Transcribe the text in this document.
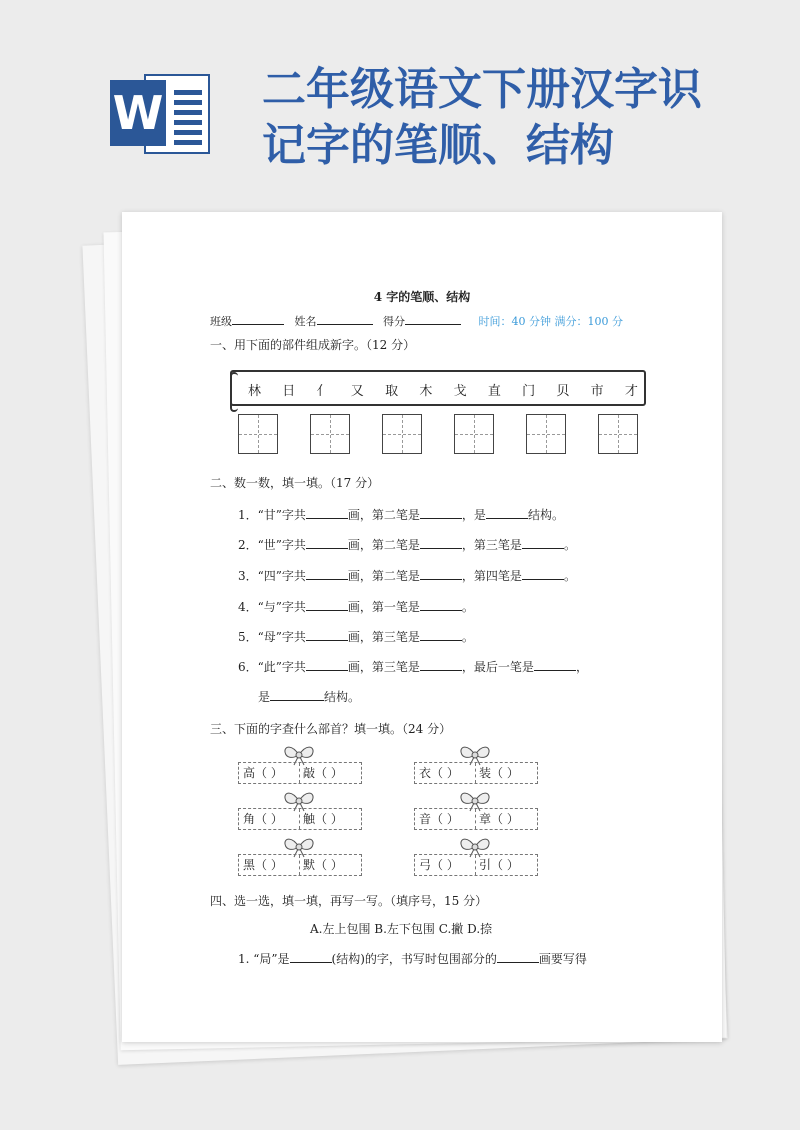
W 二年级语文下册汉字识
记字的笔顺、结构
4 字的笔顺、结构
班级	姓名	得分	时间：40 分钟 满分：100 分
一、用下面的部件组成新字。（12 分）
林 日 亻 又 取 木 戈 直 门 贝 市 才
二、数一数，填一填。（17 分）
1．“甘”字共	画，第二笔是	，是	结构。
2．“世”字共	画，第二笔是	，第三笔是	。
3．“四”字共	画，第二笔是	，第四笔是	。
4．“与”字共	画，第一笔是	。
5．“母”字共	画，第三笔是	。
6．“此”字共	画，第三笔是	，最后一笔是	，
是	结构。
三、下面的字查什么部首？填一填。（24 分）
高（ ） 敲（ ）	衣（ ） 装（ ）
角（ ） 触（ ）	音（ ） 章（ ）
黑（ ） 默（ ）	弓（ ） 引（ ）
四、选一选，填一填，再写一写。（填序号，15 分）
A.左上包围 B.左下包围 C.撇 D.捺
1. “局”是	(结构)的字，书写时包围部分的	画要写得
